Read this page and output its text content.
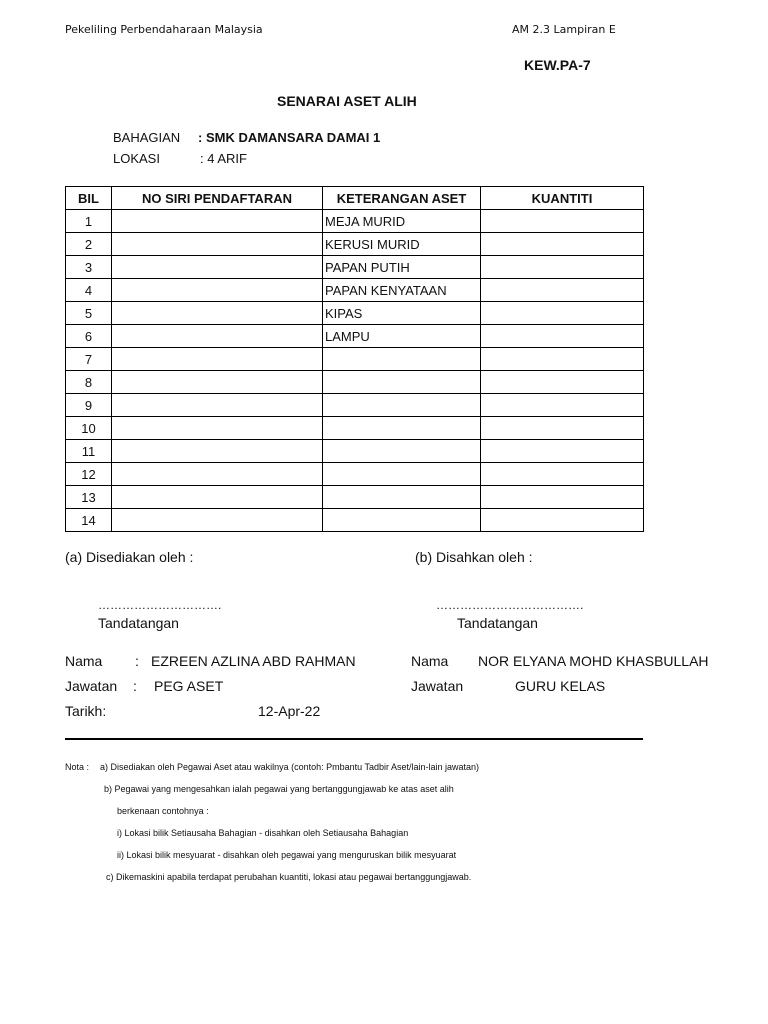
Pekeliling Perbendaharaan Malaysia	AM 2.3 Lampiran E
KEW.PA-7
SENARAI ASET ALIH
BAHAGIAN : SMK DAMANSARA DAMAI 1
LOKASI	: 4 ARIF
BIL	NO SIRI PENDAFTARAN	KETERANGAN ASET	KUANTITI
1		MEJA MURID	
2		KERUSI MURID	
3		PAPAN PUTIH	
4		PAPAN KENYATAAN	
5		KIPAS	
6		LAMPU	
7			
8			
9			
10			
11			
12			
13			
14			
(a) Disediakan oleh :
………………………….
Tandatangan
Nama : EZREEN AZLINA ABD RAHMAN
Jawatan : PEG ASET
Tarikh:	12-Apr-22
(b) Disahkan oleh :
……………………………….
Tandatangan
Nama NOR ELYANA MOHD KHASBULLAH
Jawatan	GURU KELAS
Nota : a) Disediakan oleh Pegawai Aset atau wakilnya (contoh: Pmbantu Tadbir Aset/lain-lain jawatan)
b) Pegawai yang mengesahkan ialah pegawai yang bertanggungjawab ke atas aset alih
berkenaan contohnya :
i) Lokasi bilik Setiausaha Bahagian - disahkan oleh Setiausaha Bahagian
ii) Lokasi bilik mesyuarat - disahkan oleh pegawai yang menguruskan bilik mesyuarat
c) Dikemaskini apabila terdapat perubahan kuantiti, lokasi atau pegawai bertanggungjawab.
